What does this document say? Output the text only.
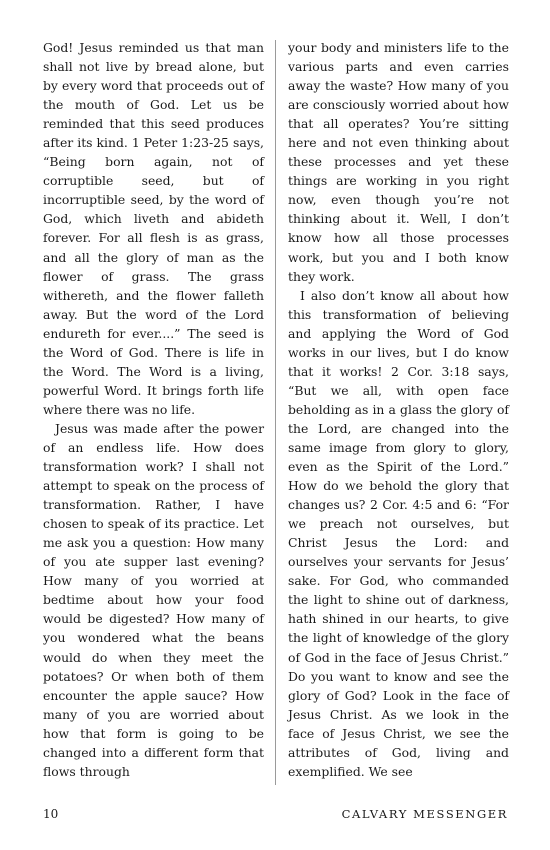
God! Jesus reminded us that man shall not live by bread alone, but by every word that proceeds out of the mouth of God. Let us be reminded that this seed produces after its kind. 1 Peter 1:23-25 says, “Being born again, not of corruptible seed, but of incorruptible seed, by the word of God, which liveth and abideth forever. For all flesh is as grass, and all the glory of man as the flower of grass. The grass withereth, and the flower falleth away. But the word of the Lord endureth for ever....” The seed is the Word of God. There is life in the Word. The Word is a living, powerful Word. It brings forth life where there was no life.

Jesus was made after the power of an endless life. How does transformation work? I shall not attempt to speak on the process of transformation. Rather, I have chosen to speak of its practice. Let me ask you a question: How many of you ate supper last evening? How many of you worried at bedtime about how your food would be digested? How many of you wondered what the beans would do when they meet the potatoes? Or when both of them encounter the apple sauce? How many of you are worried about how that form is going to be changed into a different form that flows through

your body and ministers life to the various parts and even carries away the waste? How many of you are consciously worried about how that all operates? You’re sitting here and not even thinking about these processes and yet these things are working in you right now, even though you’re not thinking about it. Well, I don’t know how all those processes work, but you and I both know they work.

I also don’t know all about how this transformation of believing and applying the Word of God works in our lives, but I do know that it works! 2 Cor. 3:18 says, “But we all, with open face beholding as in a glass the glory of the Lord, are changed into the same image from glory to glory, even as the Spirit of the Lord.” How do we behold the glory that changes us? 2 Cor. 4:5 and 6: “For we preach not ourselves, but Christ Jesus the Lord: and ourselves your servants for Jesus’ sake. For God, who commanded the light to shine out of darkness, hath shined in our hearts, to give the light of knowledge of the glory of God in the face of Jesus Christ.” Do you want to know and see the glory of God? Look in the face of Jesus Christ. As we look in the face of Jesus Christ, we see the attributes of God, living and exemplified. We see

10	CALVARY MESSENGER
